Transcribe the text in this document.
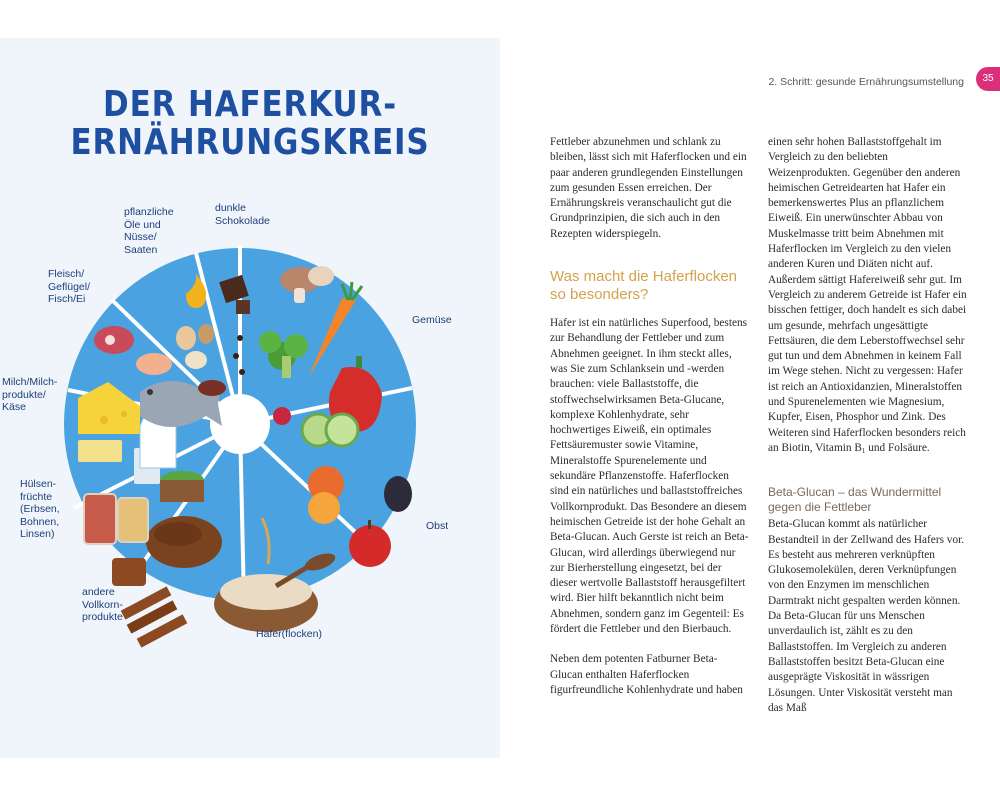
DER HAFERKUR-
ERNÄHRUNGSKREIS
pflanzliche
Öle und
Nüsse/
Saaten
dunkle
Schokolade
Fleisch/
Geflügel/
Fisch/Ei
Gemüse
Milch/Milch-
produkte/
Käse
Hülsen-
früchte
(Erbsen,
Bohnen,
Linsen)
Obst
andere
Vollkorn-
produkte
Hafer(flocken)
2. Schritt: gesunde Ernährungsumstellung	35

Fettleber abzunehmen und schlank zu bleiben, lässt sich mit Haferflocken und ein paar anderen grundlegenden Einstellungen zum gesunden Essen erreichen. Der Ernährungskreis veranschaulicht gut die Grundprinzipien, die sich auch in den Rezepten widerspiegeln.

Was macht die Haferflocken so besonders?

Hafer ist ein natürliches Superfood, bestens zur Behandlung der Fettleber und zum Abnehmen geeignet. In ihm steckt alles, was Sie zum Schlanksein und -werden brauchen: viele Ballaststoffe, die stoffwechselwirksamen Beta-Glucane, komplexe Kohlenhydrate, sehr hochwertiges Eiweiß, ein optimales Fettsäuremuster sowie Vitamine, Mineralstoffe Spurenelemente und sekundäre Pflanzenstoffe. Haferflocken sind ein natürliches und ballaststoffreiches Vollkornprodukt. Das Besondere an diesem heimischen Getreide ist der hohe Gehalt an Beta-Glucan. Auch Gerste ist reich an Beta-Glucan, wird allerdings überwiegend nur zur Bierherstellung eingesetzt, bei der dieser wertvolle Ballaststoff herausgefiltert wird. Bier hilft bekanntlich nicht beim Abnehmen, sondern ganz im Gegenteil: Es fördert die Fettleber und den Bierbauch.

Neben dem potenten Fatburner Beta-Glucan enthalten Haferflocken figurfreundliche Kohlenhydrate und haben

einen sehr hohen Ballaststoffgehalt im Vergleich zu den beliebten Weizenprodukten. Gegenüber den anderen heimischen Getreidearten hat Hafer ein bemerkenswertes Plus an pflanzlichem Eiweiß. Ein unerwünschter Abbau von Muskelmasse tritt beim Abnehmen mit Haferflocken im Vergleich zu den vielen anderen Kuren und Diäten nicht auf. Außerdem sättigt Hafereiweiß sehr gut. Im Vergleich zu anderem Getreide ist Hafer ein bisschen fettiger, doch handelt es sich dabei um gesunde, mehrfach ungesättigte Fettsäuren, die dem Leberstoffwechsel sehr gut tun und dem Abnehmen in keinem Fall im Wege stehen. Nicht zu vergessen: Hafer ist reich an Antioxidanzien, Mineralstoffen und Spurenelementen wie Magnesium, Kupfer, Eisen, Phosphor und Zink. Des Weiteren sind Haferflocken besonders reich an Biotin, Vitamin $B_1$ und Folsäure.

Beta-Glucan – das Wundermittel gegen die Fettleber

Beta-Glucan kommt als natürlicher Bestandteil in der Zellwand des Hafers vor. Es besteht aus mehreren verknüpften Glukosemolekülen, deren Verknüpfungen von den Enzymen im menschlichen Darmtrakt nicht gespalten werden können. Da Beta-Glucan für uns Menschen unverdaulich ist, zählt es zu den Ballaststoffen. Im Vergleich zu anderen Ballaststoffen besitzt Beta-Glucan eine ausgeprägte Viskosität in wässrigen Lösungen. Unter Viskosität versteht man das Maß
